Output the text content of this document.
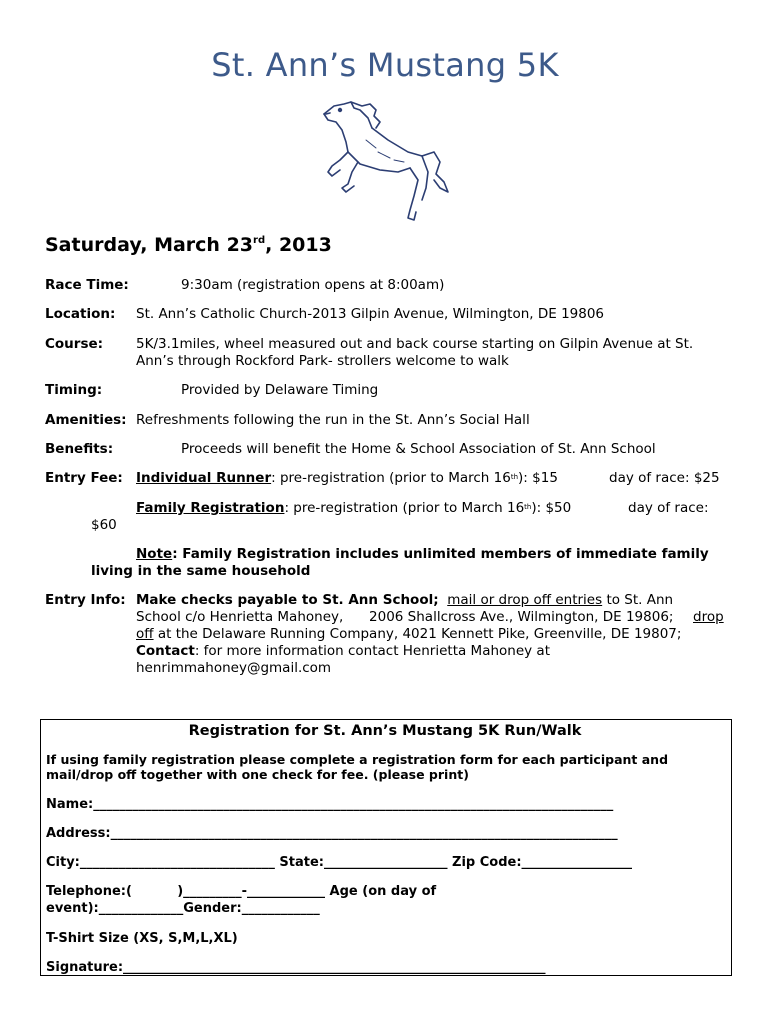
St. Ann’s Mustang 5K
Saturday, March 23rd, 2013
Race Time:	9:30am (registration opens at 8:00am)
Location: St. Ann’s Catholic Church-2013 Gilpin Avenue, Wilmington, DE 19806
Course: 5K/3.1miles, wheel measured out and back course starting on Gilpin Avenue at St.
Ann’s through Rockford Park- strollers welcome to walk
Timing:	Provided by Delaware Timing
Amenities: Refreshments following the run in the St. Ann’s Social Hall
Benefits:	Proceeds will benefit the Home & School Association of St. Ann School
Entry Fee: Individual Runner: pre-registration (prior to March 16th): $15	day of race: $25
Family Registration: pre-registration (prior to March 16th): $50	day of race:
$60
Note: Family Registration includes unlimited members of immediate family
living in the same household
Entry Info: Make checks payable to St. Ann School; mail or drop off entries to St. Ann
School c/o Henrietta Mahoney,      2006 Shallcross Ave., Wilmington, DE 19806; drop
off at the Delaware Running Company, 4021 Kennett Pike, Greenville, DE 19807;
Contact: for more information contact Henrietta Mahoney at
henrimmahoney@gmail.com
Registration for St. Ann’s Mustang 5K Run/Walk
If using family registration please complete a registration form for each participant and
mail/drop off together with one check for fee. (please print)
Name:________________________________________________________________________________
Address:______________________________________________________________________________
City:______________________________ State:___________________ Zip Code:_________________
Telephone:(          )_________-____________ Age (on day of
event):_____________Gender:____________
T-Shirt Size (XS, S,M,L,XL)
Signature:_________________________________________________________________
